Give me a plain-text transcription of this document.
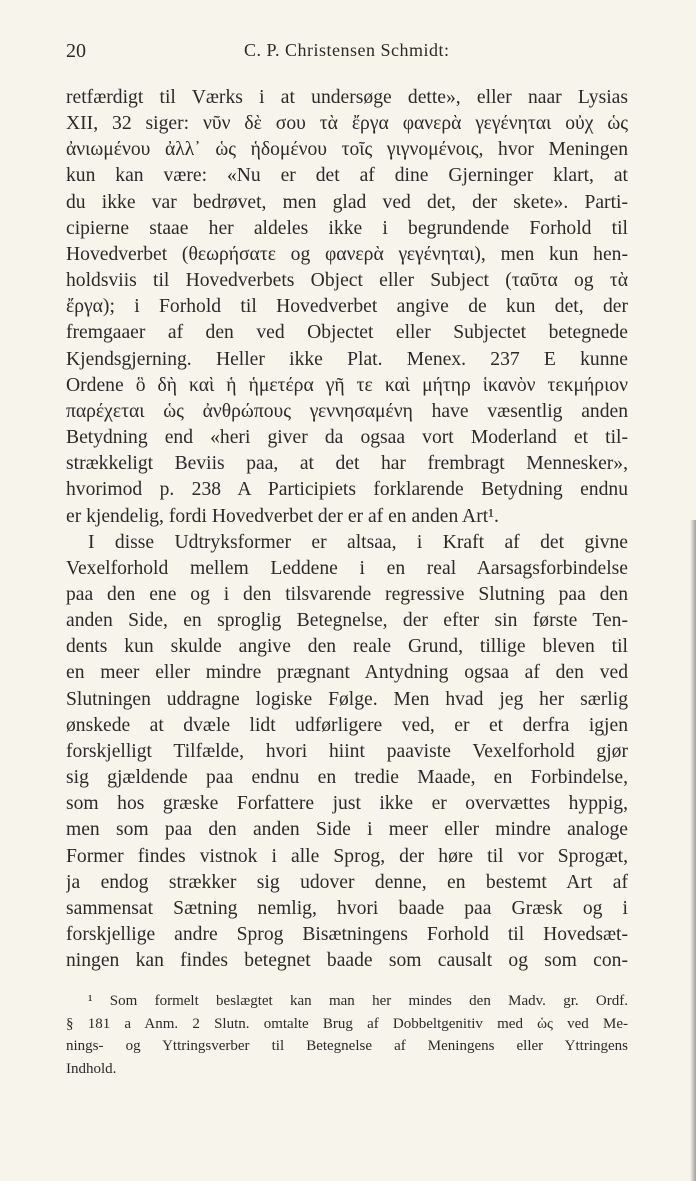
20	C. P. Christensen Schmidt:
retfærdigt til Værks i at undersøge dette», eller naar Lysias
XII, 32 siger: νῦν δὲ σου τὰ ἔργα φανερὰ γεγένηται οὐχ ὡς
ἀνιωμένου ἀλλ᾽ ὡς ἡδομένου τοῖς γιγνομένοις, hvor Meningen
kun kan være: «Nu er det af dine Gjerninger klart, at
du ikke var bedrøvet, men glad ved det, der skete». Parti-
cipierne staae her aldeles ikke i begrundende Forhold til
Hovedverbet (θεωρήσατε og φανερὰ γεγένηται), men kun hen-
holdsviis til Hovedverbets Object eller Subject (ταῦτα og τὰ
ἔργα); i Forhold til Hovedverbet angive de kun det, der
fremgaaer af den ved Objectet eller Subjectet betegnede
Kjendsgjerning. Heller ikke Plat. Menex. 237 E kunne
Ordene ὃ δὴ καὶ ἡ ἡμετέρα γῆ τε καὶ μήτηρ ἱκανὸν τεκμήριον
παρέχεται ὡς ἀνθρώπους γεννησαμένη have væsentlig anden
Betydning end «heri giver da ogsaa vort Moderland et til-
strækkeligt Beviis paa, at det har frembragt Mennesker»,
hvorimod p. 238 A Participiets forklarende Betydning endnu
er kjendelig, fordi Hovedverbet der er af en anden Art¹.
I disse Udtryksformer er altsaa, i Kraft af det givne
Vexelforhold mellem Leddene i en real Aarsagsforbindelse
paa den ene og i den tilsvarende regressive Slutning paa den
anden Side, en sproglig Betegnelse, der efter sin første Ten-
dents kun skulde angive den reale Grund, tillige bleven til
en meer eller mindre prægnant Antydning ogsaa af den ved
Slutningen uddragne logiske Følge. Men hvad jeg her særlig
ønskede at dvæle lidt udførligere ved, er et derfra igjen
forskjelligt Tilfælde, hvori hiint paaviste Vexelforhold gjør
sig gjældende paa endnu en tredie Maade, en Forbindelse,
som hos græske Forfattere just ikke er overvættes hyppig,
men som paa den anden Side i meer eller mindre analoge
Former findes vistnok i alle Sprog, der høre til vor Sprogæt,
ja endog strækker sig udover denne, en bestemt Art af
sammensat Sætning nemlig, hvori baade paa Græsk og i
forskjellige andre Sprog Bisætningens Forhold til Hovedsæt-
ningen kan findes betegnet baade som causalt og som con-
¹ Som formelt beslægtet kan man her mindes den Madv. gr. Ordf.
§ 181 a Anm. 2 Slutn. omtalte Brug af Dobbeltgenitiv med ὡς ved Me-
nings- og Yttringsverber til Betegnelse af Meningens eller Yttringens
Indhold.
